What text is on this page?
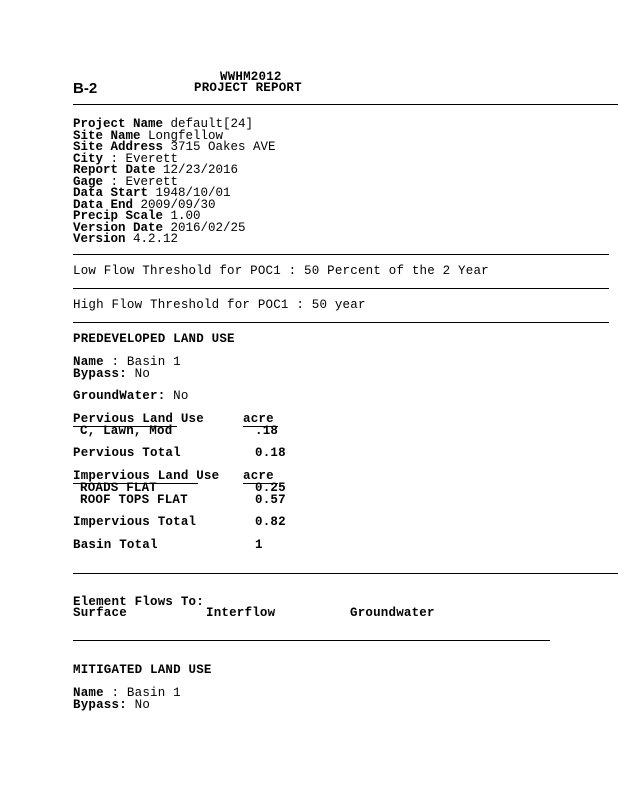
B-2
WWHM2012
PROJECT REPORT
Project Name default[24]
Site Name Longfellow
Site Address 3715 Oakes AVE
City : Everett
Report Date 12/23/2016
Gage : Everett
Data Start 1948/10/01
Data End 2009/09/30
Precip Scale 1.00
Version Date 2016/02/25
Version 4.2.12
Low Flow Threshold for POC1 : 50 Percent of the 2 Year
High Flow Threshold for POC1 : 50 year
PREDEVELOPED LAND USE
Name : Basin 1
Bypass: No
GroundWater: No
Pervious Land Use	acre
C, Lawn, Mod	.18
Pervious Total	0.18
Impervious Land Use acre
ROADS FLAT	0.25
ROOF TOPS FLAT	0.57
Impervious Total	0.82
Basin Total	1
Element Flows To:
Surface	Interflow	Groundwater
MITIGATED LAND USE
Name : Basin 1
Bypass: No
